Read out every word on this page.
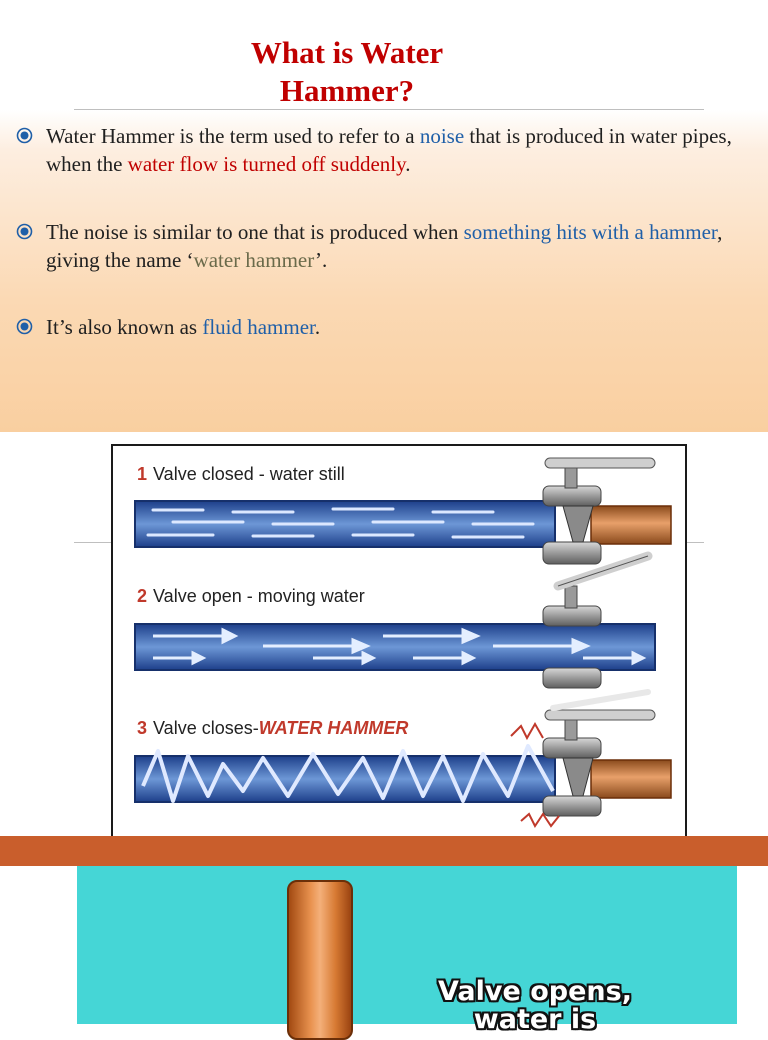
What is Water
Hammer?
Water Hammer is the term used to refer to a noise that is produced in water pipes, when the water flow is turned off suddenly.
The noise is similar to one that is produced when something hits with a hammer, giving the name ‘water hammer’.
It’s also known as fluid hammer.
1 Valve closed - water still
2 Valve open - moving water
3 Valve closes-WATER HAMMER
Valve opens,
water is
